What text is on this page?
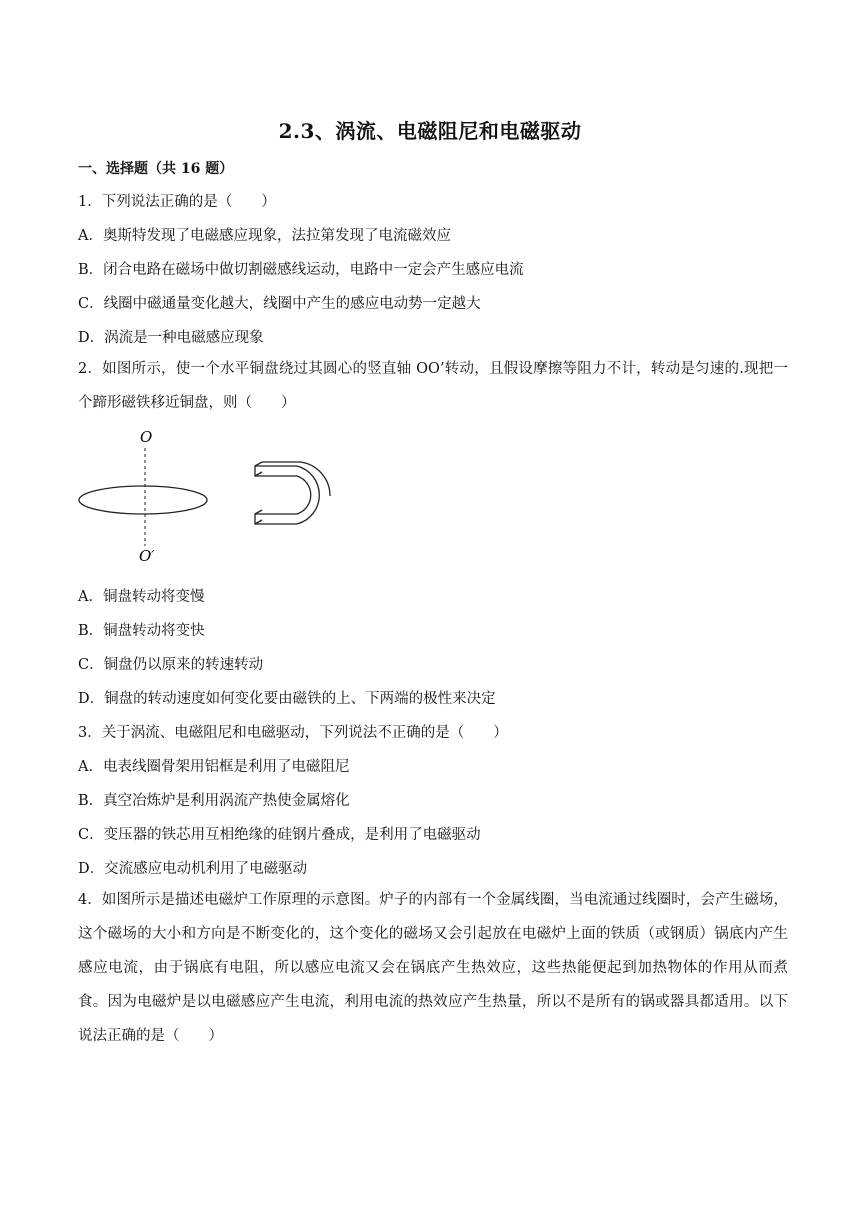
2.3、涡流、电磁阻尼和电磁驱动
一、选择题（共 16 题）
1．下列说法正确的是（　　）
A．奥斯特发现了电磁感应现象，法拉第发现了电流磁效应
B．闭合电路在磁场中做切割磁感线运动，电路中一定会产生感应电流
C．线圈中磁通量变化越大，线圈中产生的感应电动势一定越大
D．涡流是一种电磁感应现象
2．如图所示，使一个水平铜盘绕过其圆心的竖直轴 OO’转动，且假设摩擦等阻力不计，转动是匀速的.现把一个蹄形磁铁移近铜盘，则（　　）
O
O′
A．铜盘转动将变慢
B．铜盘转动将变快
C．铜盘仍以原来的转速转动
D．铜盘的转动速度如何变化要由磁铁的上、下两端的极性来决定
3．关于涡流、电磁阻尼和电磁驱动，下列说法不正确的是（　　）
A．电表线圈骨架用铝框是利用了电磁阻尼
B．真空冶炼炉是利用涡流产热使金属熔化
C．变压器的铁芯用互相绝缘的硅钢片叠成，是利用了电磁驱动
D．交流感应电动机利用了电磁驱动
4．如图所示是描述电磁炉工作原理的示意图。炉子的内部有一个金属线圈，当电流通过线圈时，会产生磁场，这个磁场的大小和方向是不断变化的，这个变化的磁场又会引起放在电磁炉上面的铁质（或钢质）锅底内产生感应电流，由于锅底有电阻，所以感应电流又会在锅底产生热效应，这些热能便起到加热物体的作用从而煮食。因为电磁炉是以电磁感应产生电流，利用电流的热效应产生热量，所以不是所有的锅或器具都适用。以下说法正确的是（　　）
